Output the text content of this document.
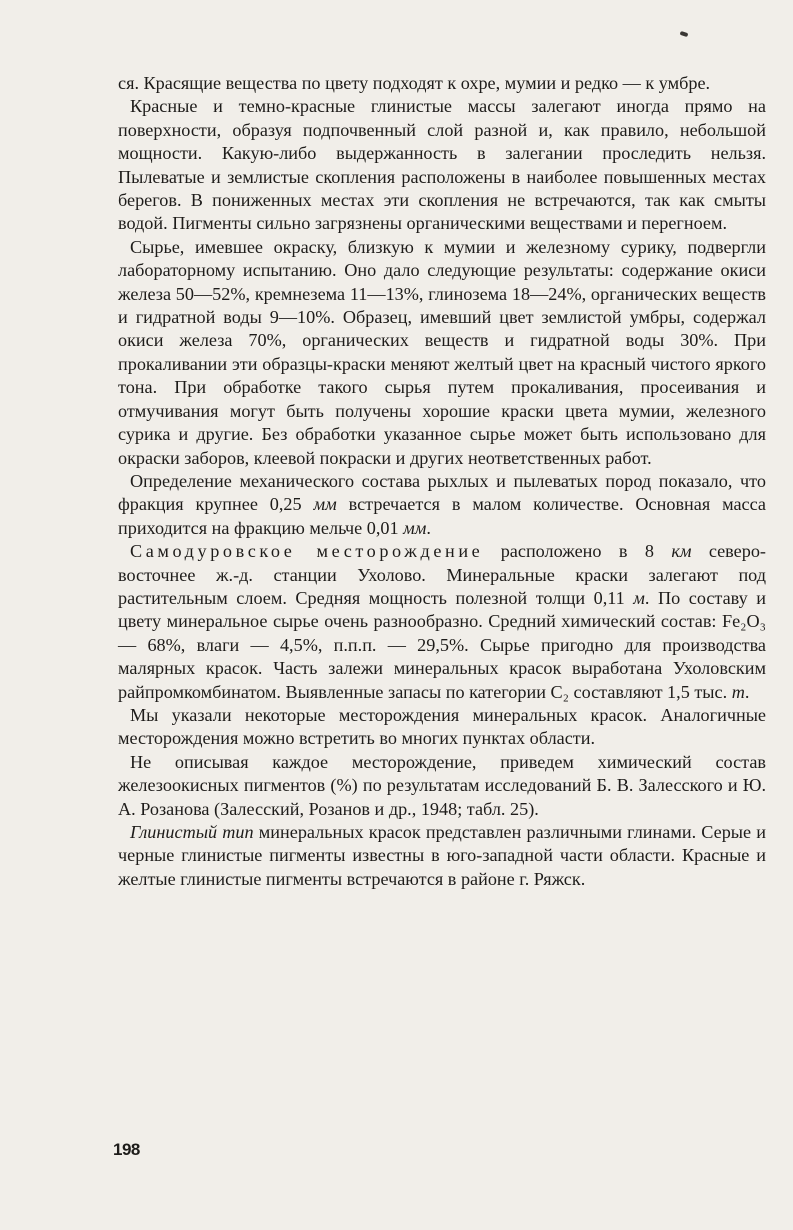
ся. Красящие вещества по цвету подходят к охре, мумии и редко — к умбре.

Красные и темно-красные глинистые массы залегают иногда прямо на поверхности, образуя подпочвенный слой разной и, как правило, небольшой мощности. Какую-либо выдержанность в залегании проследить нельзя. Пылеватые и землистые скопления расположены в наиболее повышенных местах берегов. В пониженных местах эти скопления не встречаются, так как смыты водой. Пигменты сильно загрязнены органическими веществами и перегноем.

Сырье, имевшее окраску, близкую к мумии и железному сурику, подвергли лабораторному испытанию. Оно дало следующие результаты: содержание окиси железа 50—52%, кремнезема 11—13%, глинозема 18—24%, органических веществ и гидратной воды 9—10%. Образец, имевший цвет землистой умбры, содержал окиси железа 70%, органических веществ и гидратной воды 30%. При прокаливании эти образцы-краски меняют желтый цвет на красный чистого яркого тона. При обработке такого сырья путем прокаливания, просеивания и отмучивания могут быть получены хорошие краски цвета мумии, железного сурика и другие. Без обработки указанное сырье может быть использовано для окраски заборов, клеевой покраски и других неответственных работ.

Определение механического состава рыхлых и пылеватых пород показало, что фракция крупнее 0,25 мм встречается в малом количестве. Основная масса приходится на фракцию мельче 0,01 мм.

Самодуровское месторождение расположено в 8 км северо-восточнее ж.-д. станции Ухолово. Минеральные краски залегают под растительным слоем. Средняя мощность полезной толщи 0,11 м. По составу и цвету минеральное сырье очень разнообразно. Средний химический состав: Fe₂O₃ — 68%, влаги — 4,5%, п.п.п. — 29,5%. Сырье пригодно для производства малярных красок. Часть залежи минеральных красок выработана Ухоловским райпромкомбинатом. Выявленные запасы по категории C₂ составляют 1,5 тыс. т.

Мы указали некоторые месторождения минеральных красок. Аналогичные месторождения можно встретить во многих пунктах области.

Не описывая каждое месторождение, приведем химический состав железоокисных пигментов (%) по результатам исследований Б. В. Залесского и Ю. А. Розанова (Залесский, Розанов и др., 1948; табл. 25).

Глинистый тип минеральных красок представлен различными глинами. Серые и черные глинистые пигменты известны в юго-западной части области. Красные и желтые глинистые пигменты встречаются в районе г. Ряжск.

198
